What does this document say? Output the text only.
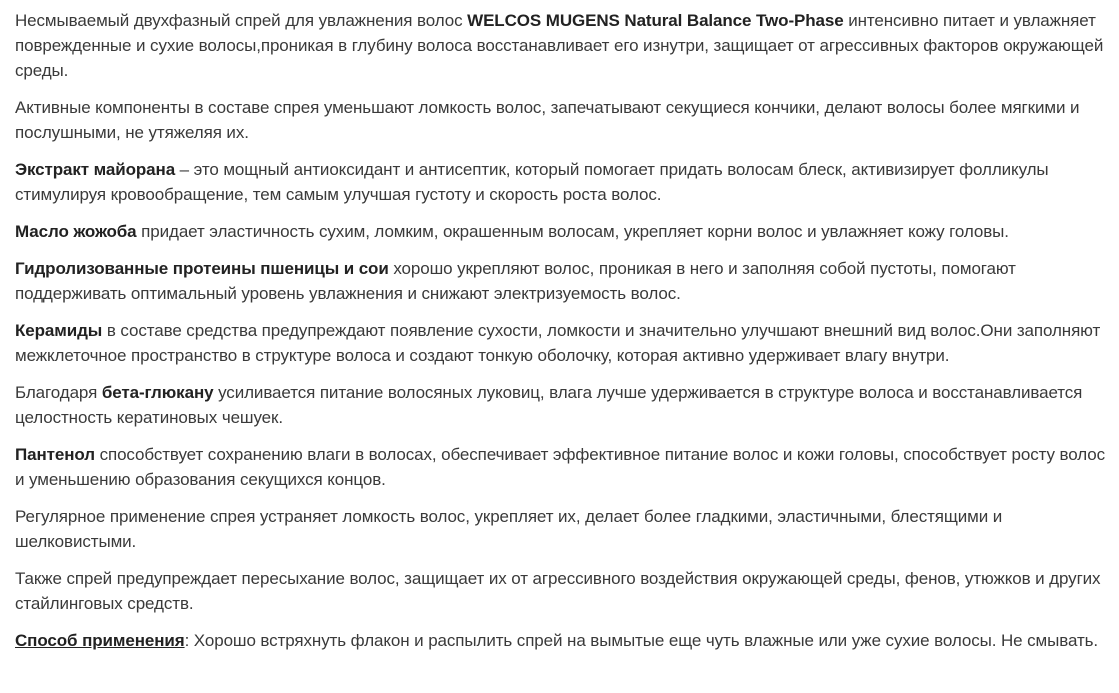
Несмываемый двухфазный спрей для увлажнения волос WELCOS MUGENS Natural Balance Two-Phase интенсивно питает и увлажняет поврежденные и сухие волосы,проникая в глубину волоса восстанавливает его изнутри, защищает от агрессивных факторов окружающей среды.

Активные компоненты в составе спрея уменьшают ломкость волос, запечатывают секущиеся кончики, делают волосы более мягкими и послушными, не утяжеляя их.

Экстракт майорана – это мощный антиоксидант и антисептик, который помогает придать волосам блеск, активизирует фолликулы стимулируя кровообращение, тем самым улучшая густоту и скорость роста волос.

Масло жожоба придает эластичность сухим, ломким, окрашенным волосам, укрепляет корни волос и увлажняет кожу головы.

Гидролизованные протеины пшеницы и сои хорошо укрепляют волос, проникая в него и заполняя собой пустоты, помогают поддерживать оптимальный уровень увлажнения и снижают электризуемость волос.

Керамиды в составе средства предупреждают появление сухости, ломкости и значительно улучшают внешний вид волос.Они заполняют межклеточное пространство в структуре волоса и создают тонкую оболочку, которая активно удерживает влагу внутри.

Благодаря бета-глюкану усиливается питание волосяных луковиц, влага лучше удерживается в структуре волоса и восстанавливается целостность кератиновых чешуек.

Пантенол способствует сохранению влаги в волосах, обеспечивает эффективное питание волос и кожи головы, способствует росту волос и уменьшению образования секущихся концов.

Регулярное применение спрея устраняет ломкость волос, укрепляет их, делает более гладкими, эластичными, блестящими и шелковистыми.

Также спрей предупреждает пересыхание волос, защищает их от агрессивного воздействия окружающей среды, фенов, утюжков и других стайлинговых средств.

Способ применения: Хорошо встряхнуть флакон и распылить спрей на вымытые еще чуть влажные или уже сухие волосы. Не смывать.
